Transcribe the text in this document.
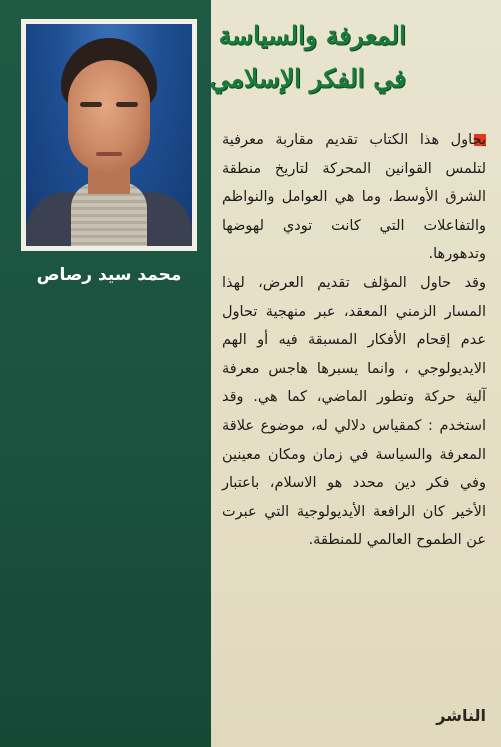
محمد سيد رصاص
المعرفة والسياسة
في الفكر الإسلامي
يحاول هذا الكتاب تقديم مقاربة معرفية لتلمس القوانين المحركة لتاريخ منطقة الشرق الأوسط، وما هي العوامل والنواظم والتفاعلات التي كانت تودي لهوضها وتدهورها.
وقد حاول المؤلف تقديم العرض، لهذا المسار الزمني المعقد، عبر منهجية تحاول عدم إقحام الأفكار المسبقة فيه أو الهم الايديولوجي ، وانما يسبرها هاجس معرفة آلية حركة وتطور الماضي، كما هي. وقد استخدم : كمقياس دلالي له، موضوع علاقة المعرفة والسياسة في زمان ومكان معينين وفي فكر دين محدد هو الاسلام، باعتبار الأخير كان الرافعة الأيديولوجية التي عبرت عن الطموح العالمي للمنطقة.
الناشر
